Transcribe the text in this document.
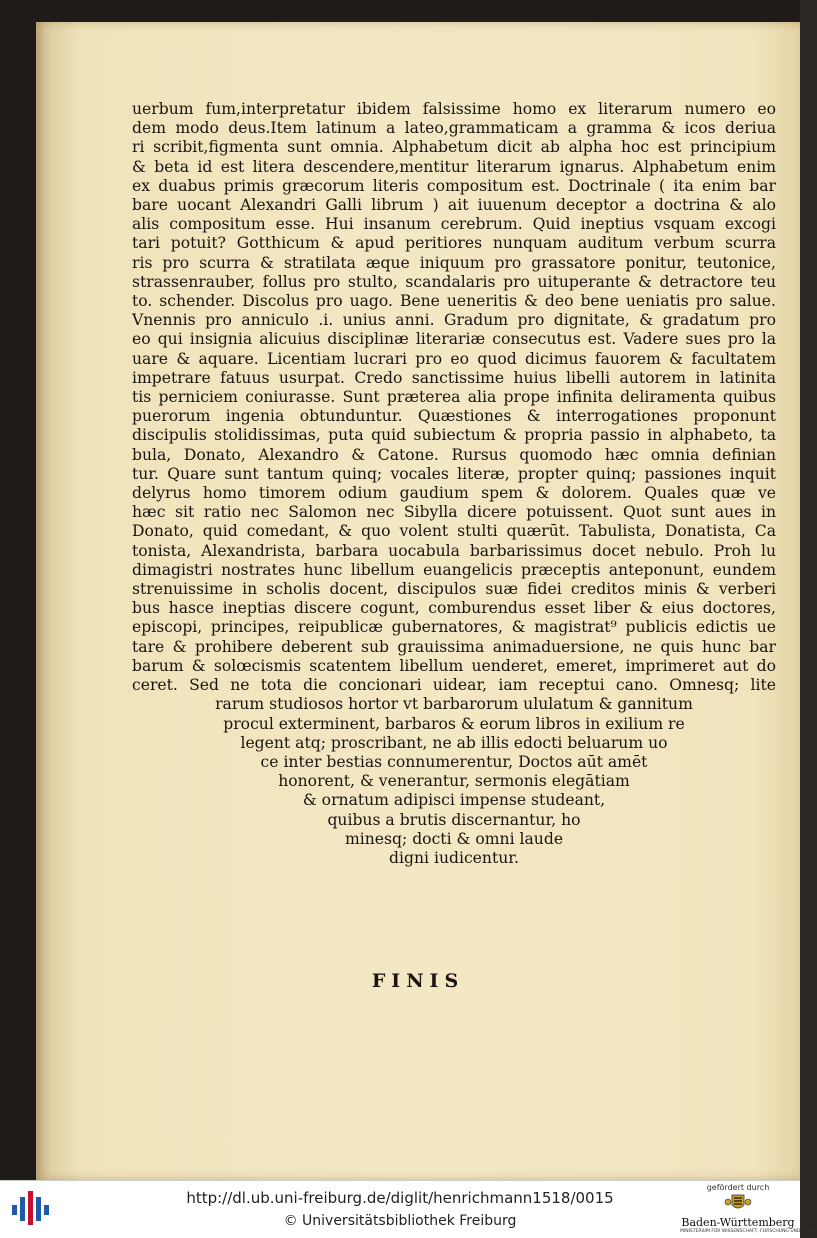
uerbum fum,interpretatur ibidem falsissime homo ex literarum numero eo
dem modo deus.Item latinum a lateo,grammaticam a gramma & icos deriua
ri scribit,figmenta sunt omnia. Alphabetum dicit ab alpha hoc est principium
& beta id est litera descendere,mentitur literarum ignarus. Alphabetum enim
ex duabus primis græcorum literis compositum est. Doctrinale ( ita enim bar
bare uocant Alexandri Galli librum ) ait iuuenum deceptor a doctrina & alo
alis compositum esse. Hui insanum cerebrum. Quid ineptius vsquam excogi
tari potuit? Gotthicum & apud peritiores nunquam auditum verbum scurra
ris pro scurra & stratilata æque iniquum pro grassatore ponitur, teutonice,
strassenrauber, follus pro stulto, scandalaris pro uituperante & detractore teu
to. schender. Discolus pro uago. Bene ueneritis & deo bene ueniatis pro salue.
Vnennis pro anniculo .i. unius anni. Gradum pro dignitate, & gradatum pro
eo qui insignia alicuius disciplinæ literariæ consecutus est. Vadere sues pro la
uare & aquare. Licentiam lucrari pro eo quod dicimus fauorem & facultatem
impetrare fatuus usurpat. Credo sanctissime huius libelli autorem in latinita
tis perniciem coniurasse. Sunt præterea alia prope infinita deliramenta quibus
puerorum ingenia obtunduntur. Quæstiones & interrogationes proponunt
discipulis stolidissimas, puta quid subiectum & propria passio in alphabeto, ta
bula, Donato, Alexandro & Catone. Rursus quomodo hæc omnia definian
tur. Quare sunt tantum quinq; vocales literæ, propter quinq; passiones inquit
delyrus homo timorem odium gaudium spem & dolorem. Quales quæ ve
hæc sit ratio nec Salomon nec Sibylla dicere potuissent. Quot sunt aues in
Donato, quid comedant, & quo volent stulti quærūt. Tabulista, Donatista, Ca
tonista, Alexandrista, barbara uocabula barbarissimus docet nebulo. Proh lu
dimagistri nostrates hunc libellum euangelicis præceptis anteponunt, eundem
strenuissime in scholis docent, discipulos suæ fidei creditos minis & verberi
bus hasce ineptias discere cogunt, comburendus esset liber & eius doctores,
episcopi, principes, reipublicæ gubernatores, & magistrat⁹ publicis edictis ue
tare & prohibere deberent sub grauissima animaduersione, ne quis hunc bar
barum & solœcismis scatentem libellum uenderet, emeret, imprimeret aut do
ceret. Sed ne tota die concionari uidear, iam receptui cano. Omnesq; lite
rarum studiosos hortor vt barbarorum ululatum & gannitum
procul exterminent, barbaros & eorum libros in exilium re
legent atq; proscribant, ne ab illis edocti beluarum uo
ce inter bestias connumerentur, Doctos aūt amēt
honorent, & venerantur, sermonis elegātiam
& ornatum adipisci impense studeant,
quibus a brutis discernantur, ho
minesq; docti & omni laude
digni iudicentur.
FINIS
http://dl.ub.uni-freiburg.de/diglit/henrichmann1518/0015
© Universitätsbibliothek Freiburg
gefördert durch
Baden-Württemberg
MINISTERIUM FÜR WISSENSCHAFT, FORSCHUNG UND KUNST
